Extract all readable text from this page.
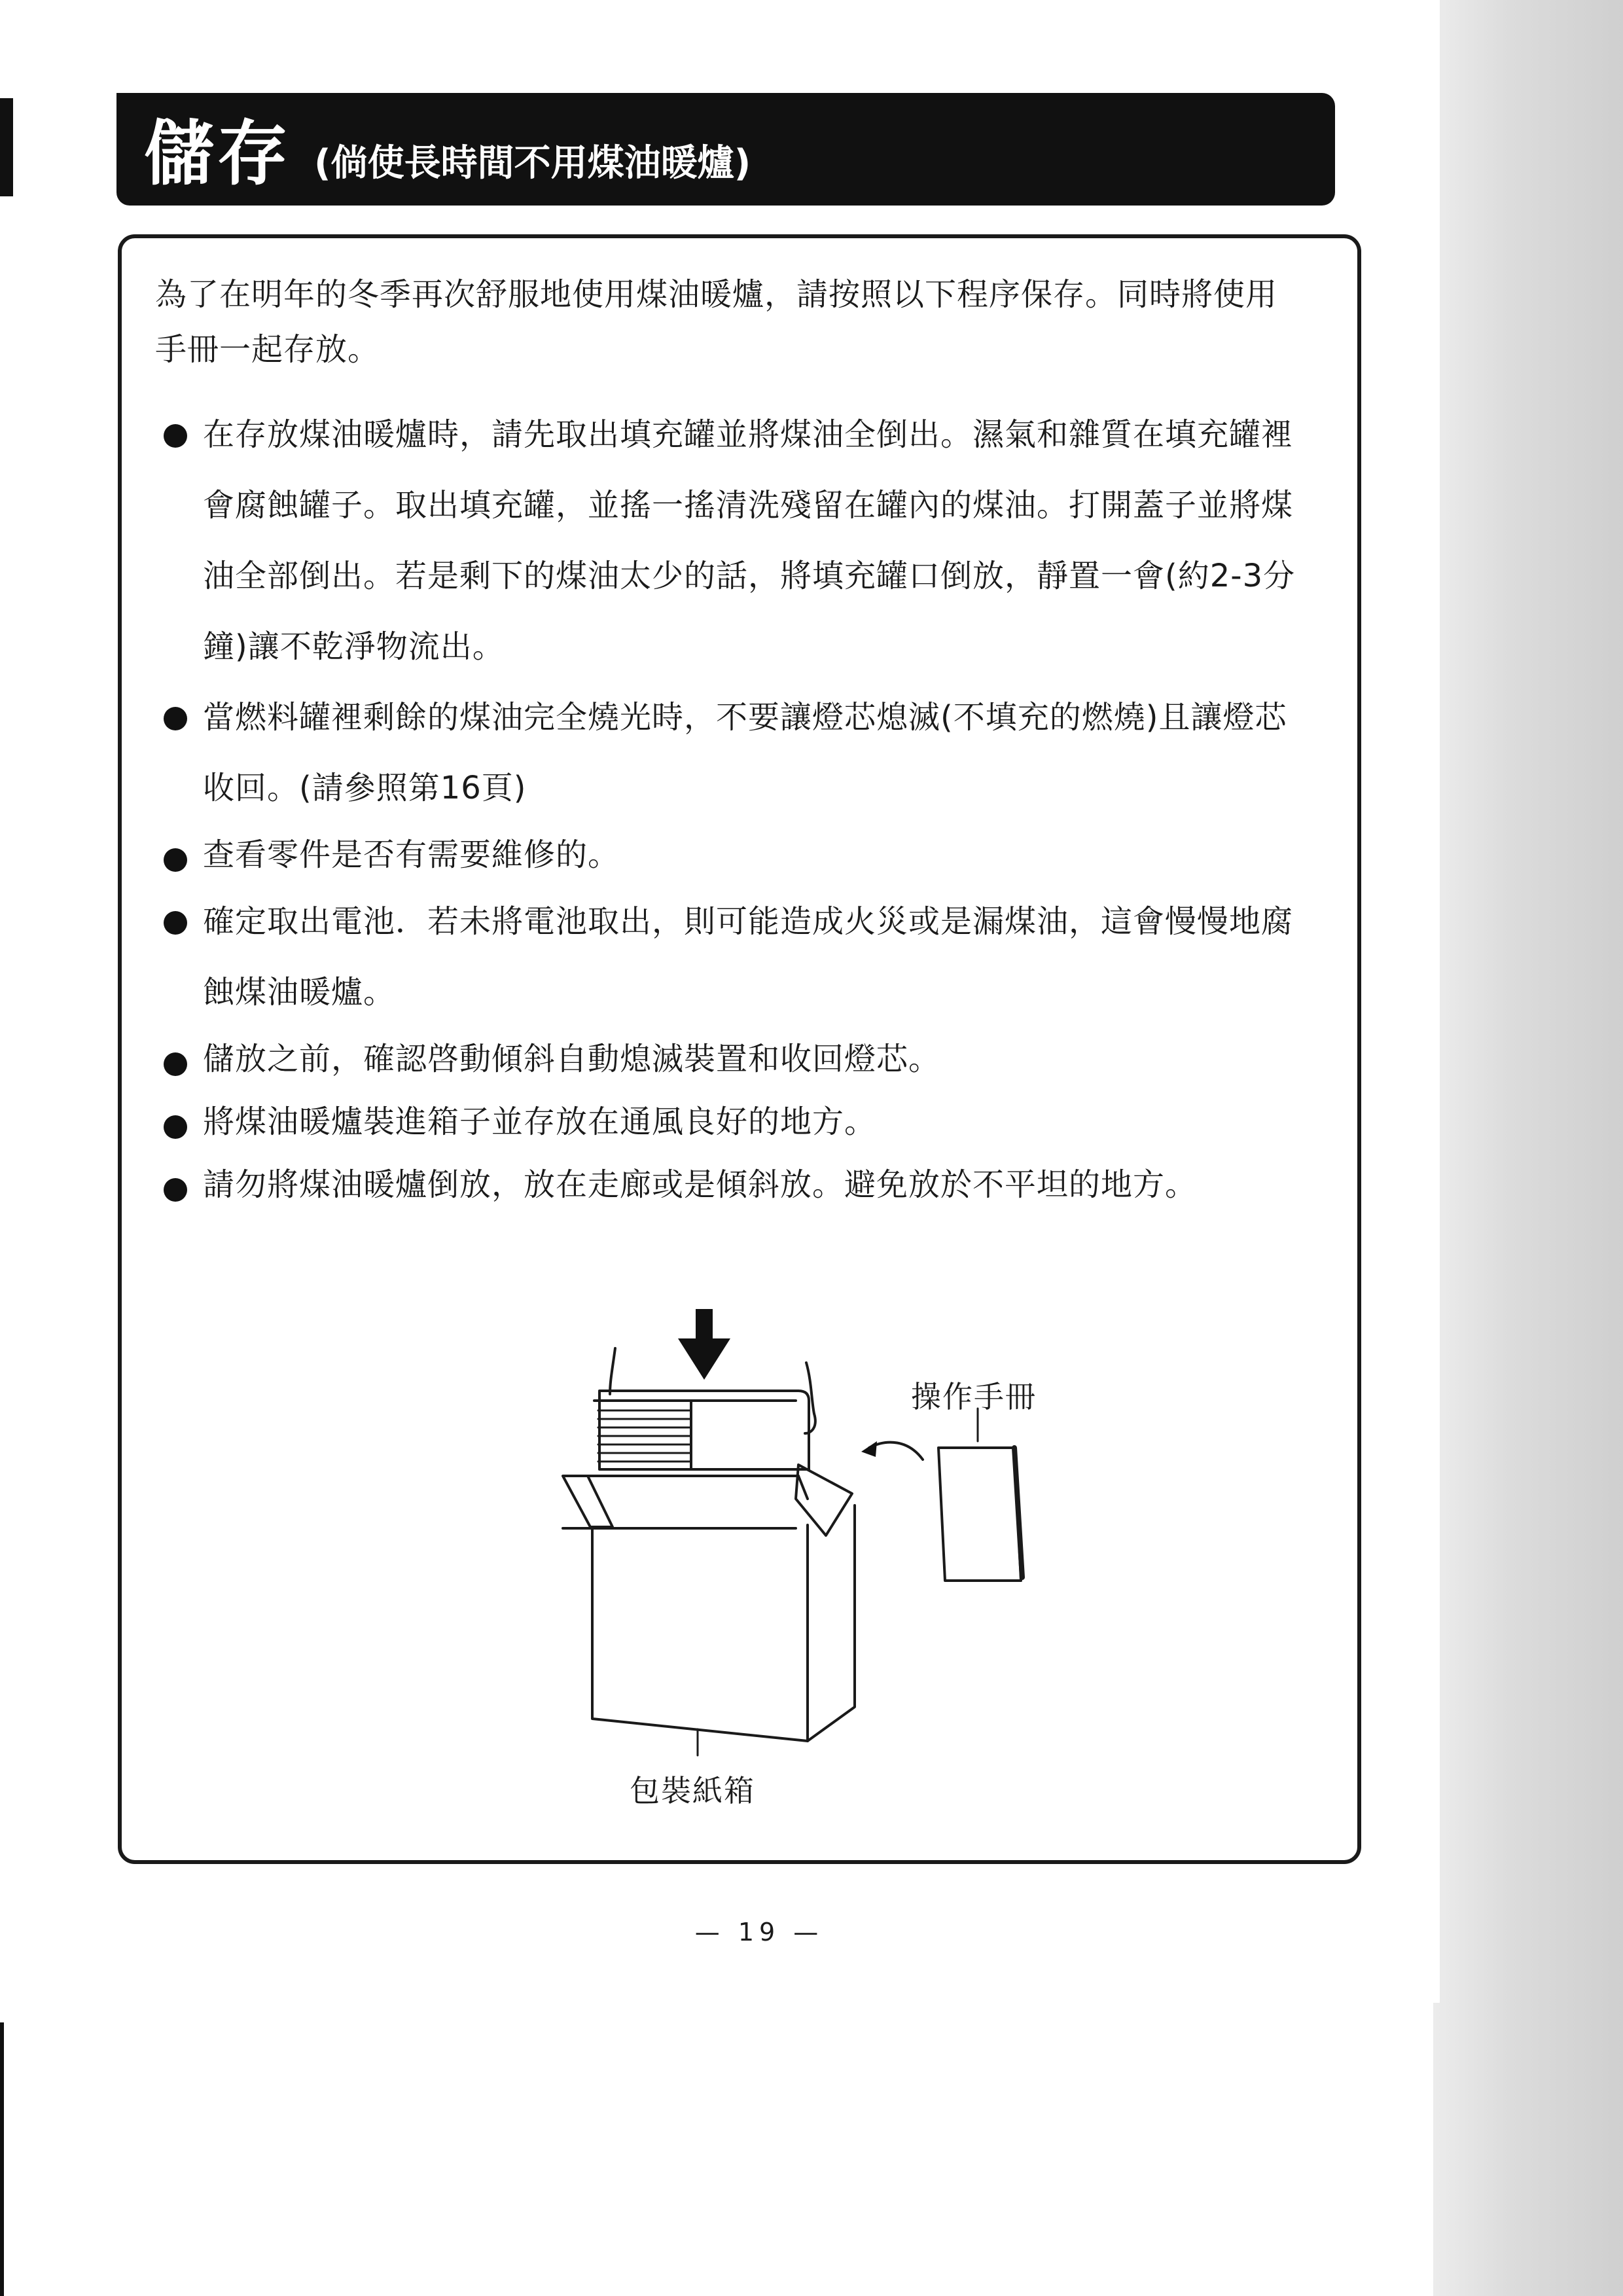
儲存 (倘使長時間不用煤油暖爐)

為了在明年的冬季再次舒服地使用煤油暖爐，請按照以下程序保存。同時將使用手冊一起存放。

在存放煤油暖爐時，請先取出填充罐並將煤油全倒出。濕氣和雜質在填充罐裡會腐蝕罐子。取出填充罐，並搖一搖清洗殘留在罐內的煤油。打開蓋子並將煤油全部倒出。若是剩下的煤油太少的話，將填充罐口倒放，靜置一會(約2-3分鐘)讓不乾淨物流出。
當燃料罐裡剩餘的煤油完全燒光時，不要讓燈芯熄滅(不填充的燃燒)且讓燈芯收回。(請參照第16頁)
查看零件是否有需要維修的。
確定取出電池．若未將電池取出，則可能造成火災或是漏煤油，這會慢慢地腐蝕煤油暖爐。
儲放之前，確認啓動傾斜自動熄滅裝置和收回燈芯。
將煤油暖爐裝進箱子並存放在通風良好的地方。
請勿將煤油暖爐倒放，放在走廊或是傾斜放。避免放於不平坦的地方。
操作手冊
包裝紙箱
— 19 —
